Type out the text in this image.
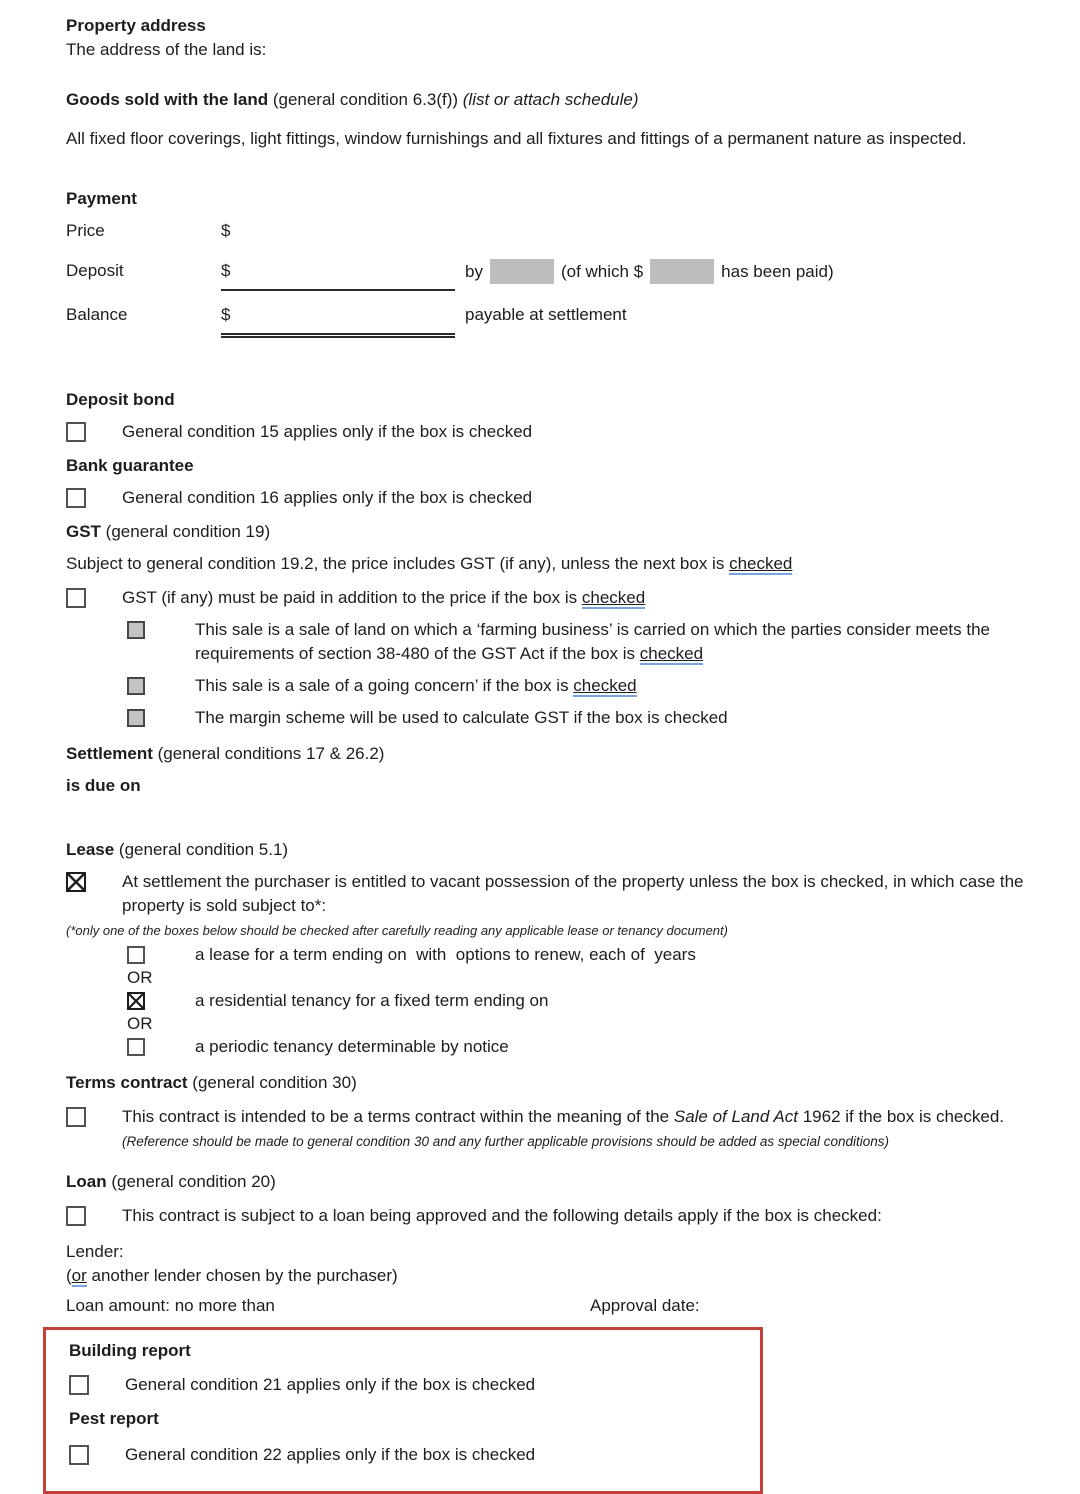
Property address
The address of the land is:
Goods sold with the land (general condition 6.3(f)) (list or attach schedule)

All fixed floor coverings, light fittings, window furnishings and all fixtures and fittings of a permanent nature as inspected.

Payment
Price	$
Deposit	$	by	(of which $	has been paid)
Balance	$	payable at settlement
Deposit bond
General condition 15 applies only if the box is checked
Bank guarantee
General condition 16 applies only if the box is checked
GST (general condition 19)
Subject to general condition 19.2, the price includes GST (if any), unless the next box is checked
GST (if any) must be paid in addition to the price if the box is checked
This sale is a sale of land on which a ‘farming business’ is carried on which the parties consider meets the requirements of section 38-480 of the GST Act if the box is checked
This sale is a sale of a going concern’ if the box is checked
The margin scheme will be used to calculate GST if the box is checked
Settlement (general conditions 17 & 26.2)
is due on
Lease (general condition 5.1)
At settlement the purchaser is entitled to vacant possession of the property unless the box is checked, in which case the property is sold subject to*:
(*only one of the boxes below should be checked after carefully reading any applicable lease or tenancy document)
a lease for a term ending on  with  options to renew, each of  years
OR
a residential tenancy for a fixed term ending on
OR
a periodic tenancy determinable by notice
Terms contract (general condition 30)
This contract is intended to be a terms contract within the meaning of the Sale of Land Act 1962 if the box is checked. (Reference should be made to general condition 30 and any further applicable provisions should be added as special conditions)
Loan (general condition 20)
This contract is subject to a loan being approved and the following details apply if the box is checked:
Lender:
(or another lender chosen by the purchaser)
Loan amount: no more than	Approval date:
Building report
General condition 21 applies only if the box is checked
Pest report
General condition 22 applies only if the box is checked
